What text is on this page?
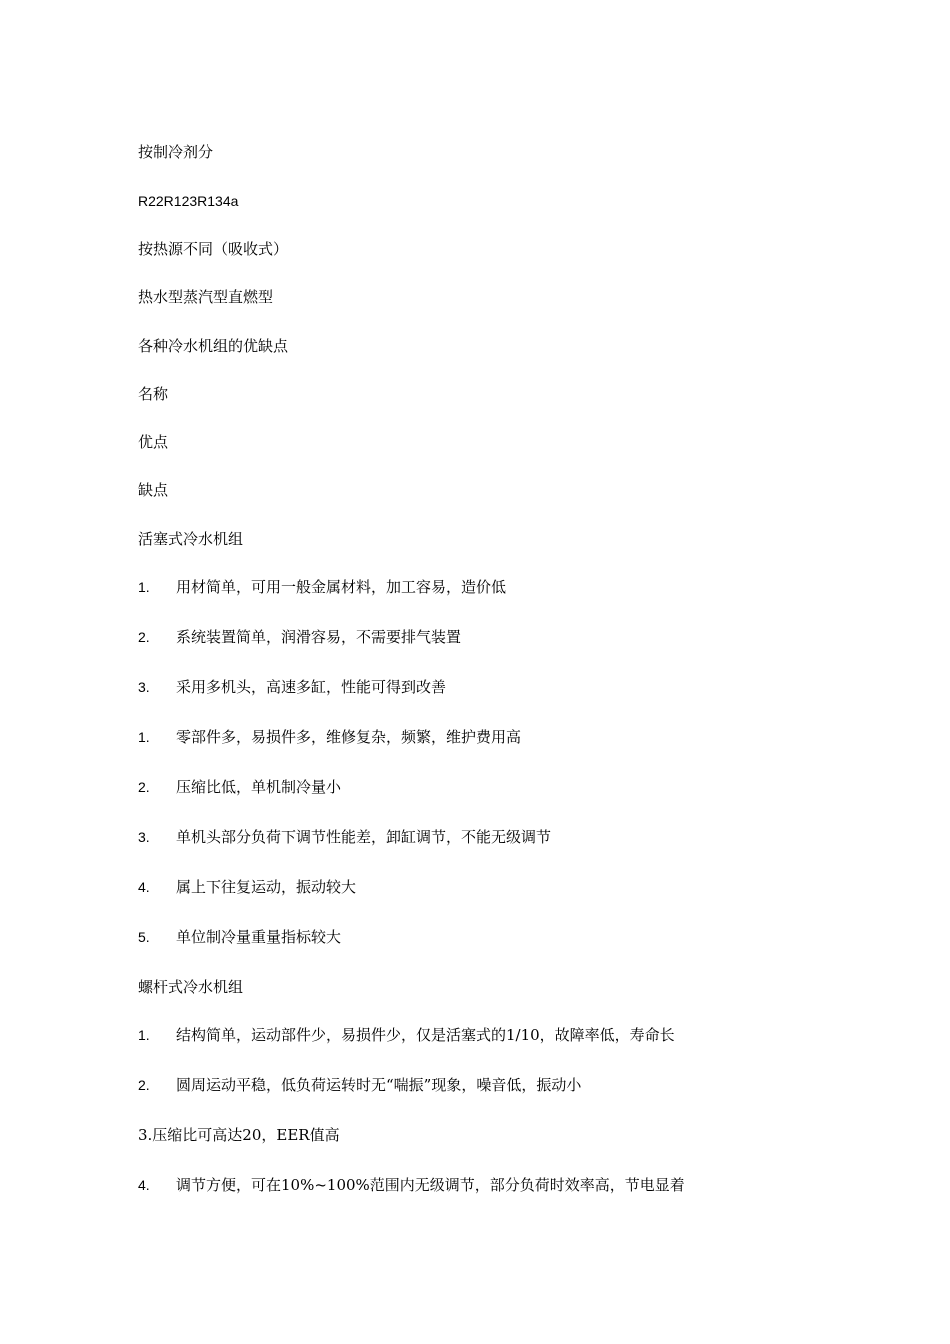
按制冷剂分
R22R123R134a
按热源不同（吸收式）
热水型蒸汽型直燃型
各种冷水机组的优缺点
名称
优点
缺点
活塞式冷水机组
1. 用材简单，可用一般金属材料，加工容易，造价低
2. 系统装置简单，润滑容易，不需要排气装置
3. 采用多机头，高速多缸，性能可得到改善
1. 零部件多，易损件多，维修复杂，频繁，维护费用高
2. 压缩比低，单机制冷量小
3. 单机头部分负荷下调节性能差，卸缸调节，不能无级调节
4. 属上下往复运动，振动较大
5. 单位制冷量重量指标较大
螺杆式冷水机组
1. 结构简单，运动部件少，易损件少，仅是活塞式的1/10，故障率低，寿命长
2. 圆周运动平稳，低负荷运转时无“喘振”现象，噪音低，振动小
3.压缩比可高达20，EER值高
4. 调节方便，可在10%~100%范围内无级调节，部分负荷时效率高，节电显着
